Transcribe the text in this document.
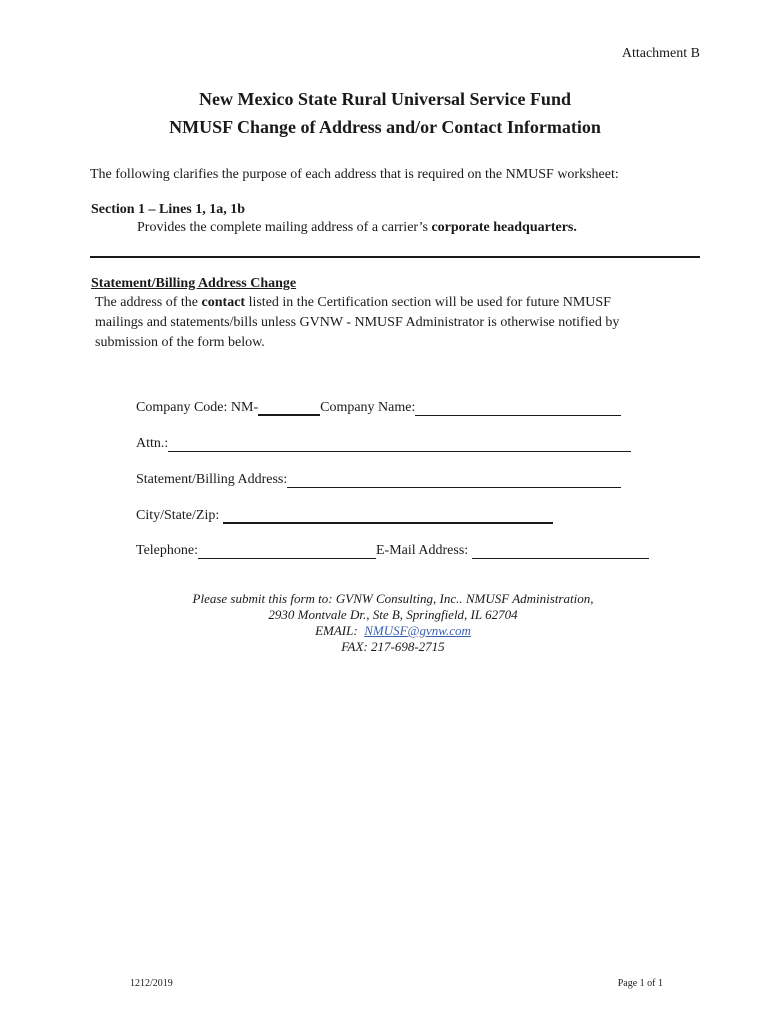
Attachment B
New Mexico State Rural Universal Service Fund
NMUSF Change of Address and/or Contact Information
The following clarifies the purpose of each address that is required on the NMUSF worksheet:
Section 1 – Lines 1, 1a, 1b
Provides the complete mailing address of a carrier’s corporate headquarters.
Statement/Billing Address Change
The address of the contact listed in the Certification section will be used for future NMUSF
mailings and statements/bills unless GVNW - NMUSF Administrator is otherwise notified by
submission of the form below.
Company Code: NM-	Company Name:
Attn.:
Statement/Billing Address:
City/State/Zip:
Telephone:	E-Mail Address:
Please submit this form to: GVNW Consulting, Inc.. NMUSF Administration,
2930 Montvale Dr., Ste B, Springfield, IL 62704
EMAIL:  NMUSF@gvnw.com
FAX: 217-698-2715
1212/2019	Page 1 of 1
